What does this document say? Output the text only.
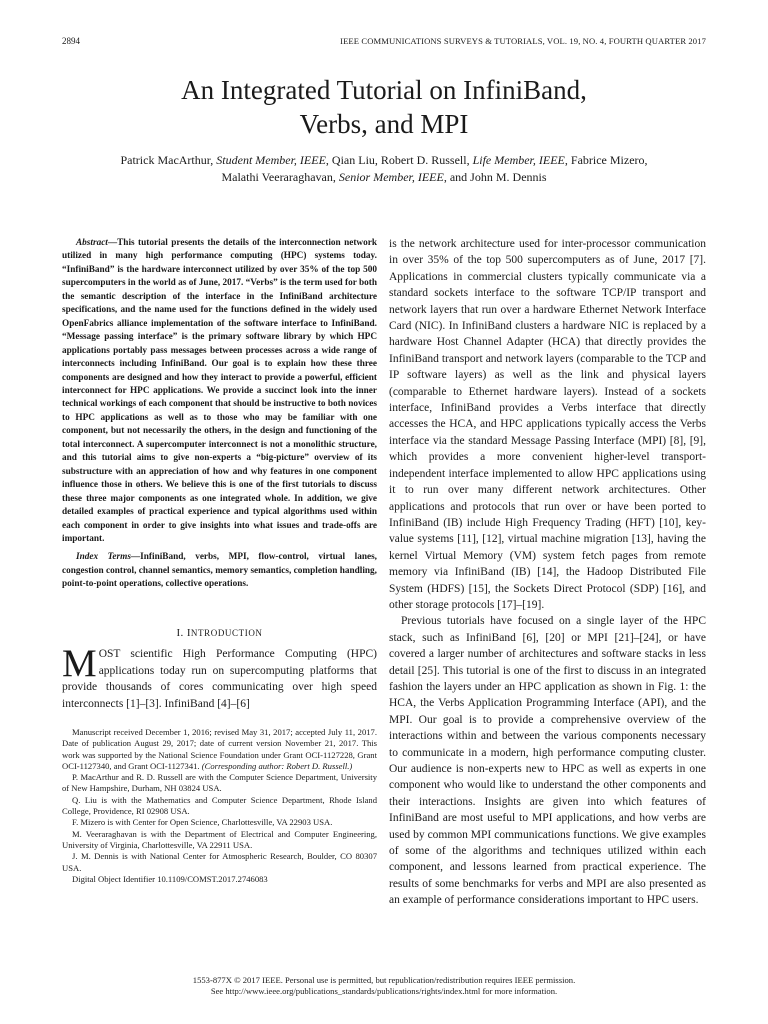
2894	IEEE COMMUNICATIONS SURVEYS & TUTORIALS, VOL. 19, NO. 4, FOURTH QUARTER 2017
An Integrated Tutorial on InfiniBand,
Verbs, and MPI
Patrick MacArthur, Student Member, IEEE, Qian Liu, Robert D. Russell, Life Member, IEEE, Fabrice Mizero,
Malathi Veeraraghavan, Senior Member, IEEE, and John M. Dennis

Abstract—This tutorial presents the details of the interconnection network utilized in many high performance computing (HPC) systems today. “InfiniBand” is the hardware interconnect utilized by over 35% of the top 500 supercomputers in the world as of June, 2017. “Verbs” is the term used for both the semantic description of the interface in the InfiniBand architecture specifications, and the name used for the functions defined in the widely used OpenFabrics alliance implementation of the software interface to InfiniBand. “Message passing interface” is the primary software library by which HPC applications portably pass messages between processes across a wide range of interconnects including InfiniBand. Our goal is to explain how these three components are designed and how they interact to provide a powerful, efficient interconnect for HPC applications. We provide a succinct look into the inner technical workings of each component that should be instructive to both novices to HPC applications as well as to those who may be familiar with one component, but not necessarily the others, in the design and functioning of the total interconnect. A supercomputer interconnect is not a monolithic structure, and this tutorial aims to give non-experts a “big-picture” overview of its substructure with an appreciation of how and why features in one component influence those in others. We believe this is one of the first tutorials to discuss these three major components as one integrated whole. In addition, we give detailed examples of practical experience and typical algorithms used within each component in order to give insights into what issues and trade-offs are important.

Index Terms—InfiniBand, verbs, MPI, flow-control, virtual lanes, congestion control, channel semantics, memory semantics, completion handling, point-to-point operations, collective operations.

I. INTRODUCTION

MOST scientific High Performance Computing (HPC) applications today run on supercomputing platforms that provide thousands of cores communicating over high speed interconnects [1]–[3]. InfiniBand [4]–[6]

Manuscript received December 1, 2016; revised May 31, 2017; accepted July 11, 2017. Date of publication August 29, 2017; date of current version November 21, 2017. This work was supported by the National Science Foundation under Grant OCI-1127228, Grant OCI-1127340, and Grant OCI-1127341. (Corresponding author: Robert D. Russell.)

P. MacArthur and R. D. Russell are with the Computer Science Department, University of New Hampshire, Durham, NH 03824 USA.

Q. Liu is with the Mathematics and Computer Science Department, Rhode Island College, Providence, RI 02908 USA.

F. Mizero is with Center for Open Science, Charlottesville, VA 22903 USA.

M. Veeraraghavan is with the Department of Electrical and Computer Engineering, University of Virginia, Charlottesville, VA 22911 USA.

J. M. Dennis is with National Center for Atmospheric Research, Boulder, CO 80307 USA.

Digital Object Identifier 10.1109/COMST.2017.2746083

is the network architecture used for inter-processor communication in over 35% of the top 500 supercomputers as of June, 2017 [7]. Applications in commercial clusters typically communicate via a standard sockets interface to the software TCP/IP transport and network layers that run over a hardware Ethernet Network Interface Card (NIC). In InfiniBand clusters a hardware NIC is replaced by a hardware Host Channel Adapter (HCA) that directly provides the InfiniBand transport and network layers (comparable to the TCP and IP software layers) as well as the link and physical layers (comparable to Ethernet hardware layers). Instead of a sockets interface, InfiniBand provides a Verbs interface that directly accesses the HCA, and HPC applications typically access the Verbs interface via the standard Message Passing Interface (MPI) [8], [9], which provides a more convenient higher-level transport-independent interface implemented to allow HPC applications using it to run over many different network architectures. Other applications and protocols that run over or have been ported to InfiniBand (IB) include High Frequency Trading (HFT) [10], key-value systems [11], [12], virtual machine migration [13], having the kernel Virtual Memory (VM) system fetch pages from remote memory via InfiniBand (IB) [14], the Hadoop Distributed File System (HDFS) [15], the Sockets Direct Protocol (SDP) [16], and other storage protocols [17]–[19].

Previous tutorials have focused on a single layer of the HPC stack, such as InfiniBand [6], [20] or MPI [21]–[24], or have covered a larger number of architectures and software stacks in less detail [25]. This tutorial is one of the first to discuss in an integrated fashion the layers under an HPC application as shown in Fig. 1: the HCA, the Verbs Application Programming Interface (API), and the MPI. Our goal is to provide a comprehensive overview of the interactions within and between the various components necessary to communicate in a modern, high performance computing cluster. Our audience is non-experts new to HPC as well as experts in one component who would like to understand the other components and their interactions. Insights are given into which features of InfiniBand are most useful to MPI applications, and how verbs are used by common MPI communications functions. We give examples of some of the algorithms and techniques utilized within each component, and lessons learned from practical experience. The results of some benchmarks for verbs and MPI are also presented as an example of performance considerations important to HPC users.

1553-877X © 2017 IEEE. Personal use is permitted, but republication/redistribution requires IEEE permission.
See http://www.ieee.org/publications_standards/publications/rights/index.html for more information.
